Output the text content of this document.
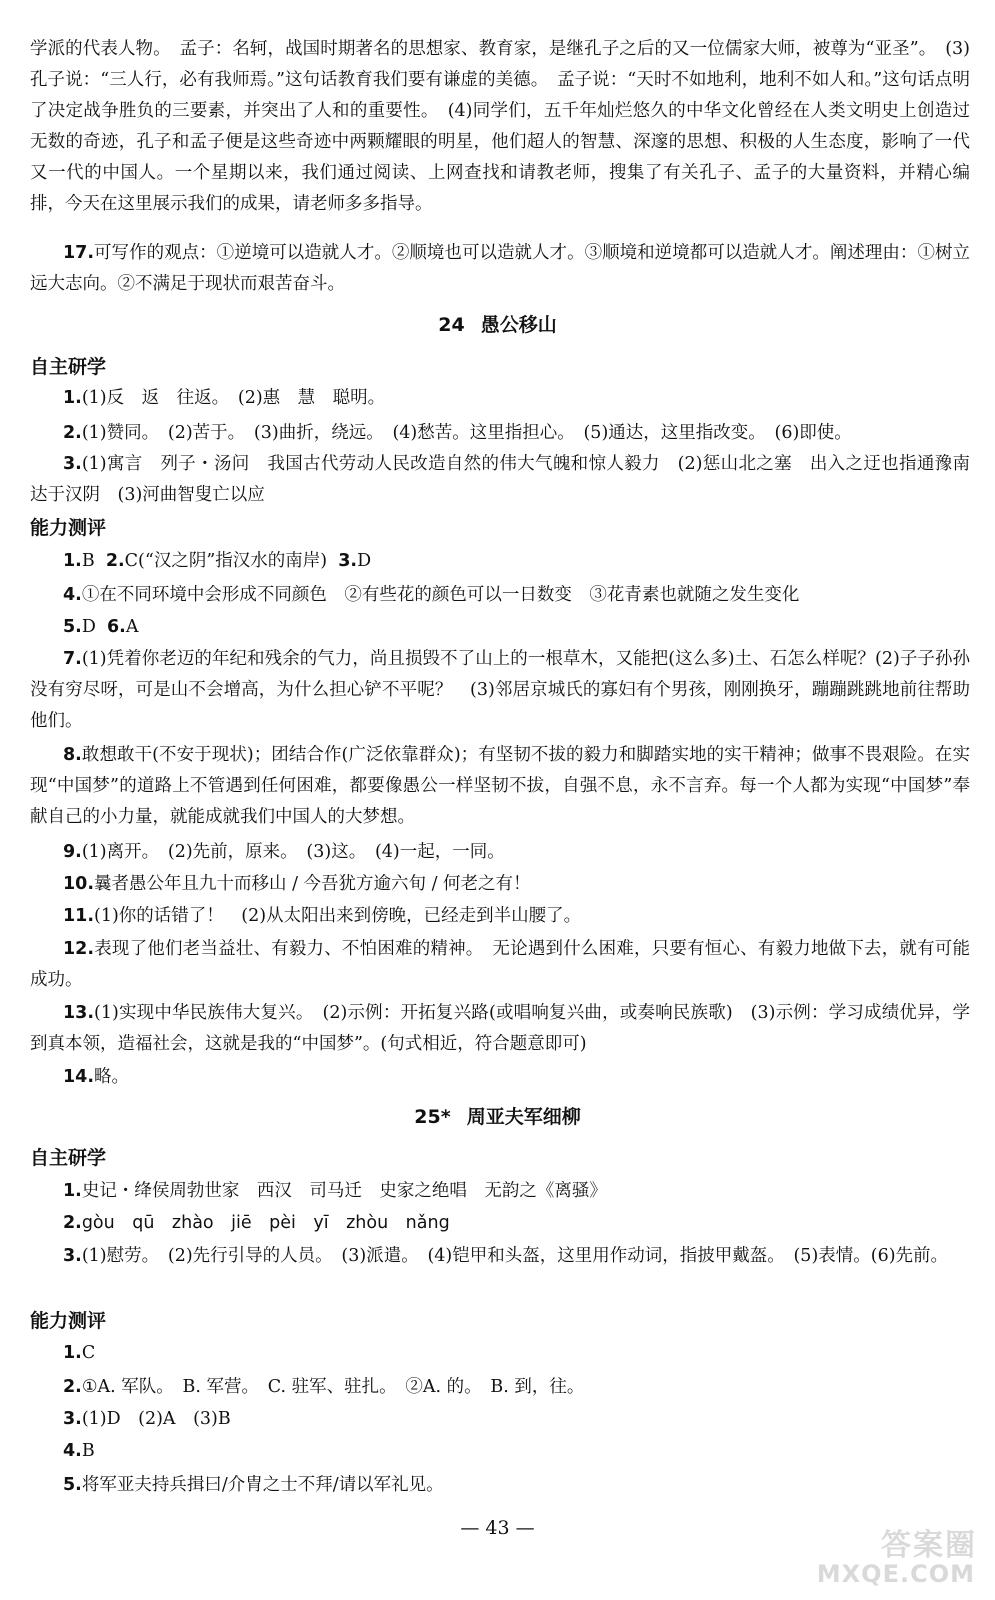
学派的代表人物。　孟子：名轲，战国时期著名的思想家、教育家，是继孔子之后的又一位儒家大师，被尊为“亚圣”。　(3)孔子说：“三人行，必有我师焉。”这句话教育我们要有谦虚的美德。　孟子说：“天时不如地利，地利不如人和。”这句话点明了决定战争胜负的三要素，并突出了人和的重要性。　(4)同学们，五千年灿烂悠久的中华文化曾经在人类文明史上创造过无数的奇迹，孔子和孟子便是这些奇迹中两颗耀眼的明星，他们超人的智慧、深邃的思想、积极的人生态度，影响了一代又一代的中国人。一个星期以来，我们通过阅读、上网查找和请教老师，搜集了有关孔子、孟子的大量资料，并精心编排，今天在这里展示我们的成果，请老师多多指导。

17.可写作的观点：①逆境可以造就人才。②顺境也可以造就人才。③顺境和逆境都可以造就人才。阐述理由：①树立远大志向。②不满足于现状而艰苦奋斗。

24 愚公移山
自主研学
1.(1)反　返　往返。　(2)惠　慧　聪明。
2.(1)赞同。　(2)苦于。　(3)曲折，绕远。　(4)愁苦。这里指担心。　(5)通达，这里指改变。　(6)即使。

3.(1)寓言　列子・汤问　我国古代劳动人民改造自然的伟大气魄和惊人毅力　(2)惩山北之塞　出入之迂也指通豫南　达于汉阴　(3)河曲智叟亡以应

能力测评
1.B 2.C(“汉之阴”指汉水的南岸) 3.D
4.①在不同环境中会形成不同颜色　②有些花的颜色可以一日数变　③花青素也就随之发生变化
5.D 6.A

7.(1)凭着你老迈的年纪和残余的气力，尚且损毁不了山上的一根草木，又能把(这么多)土、石怎么样呢？(2)子子孙孙没有穷尽呀，可是山不会增高，为什么担心铲不平呢？　(3)邻居京城氏的寡妇有个男孩，刚刚换牙，蹦蹦跳跳地前往帮助他们。

8.敢想敢干(不安于现状)；团结合作(广泛依靠群众)；有坚韧不拔的毅力和脚踏实地的实干精神；做事不畏艰险。在实现“中国梦”的道路上不管遇到任何困难，都要像愚公一样坚韧不拔，自强不息，永不言弃。每一个人都为实现“中国梦”奉献自己的小力量，就能成就我们中国人的大梦想。

9.(1)离开。　(2)先前，原来。　(3)这。　(4)一起，一同。
10.曩者愚公年且九十而移山 / 今吾犹方逾六旬 / 何老之有！
11.(1)你的话错了！　(2)从太阳出来到傍晚，已经走到半山腰了。

12.表现了他们老当益壮、有毅力、不怕困难的精神。　无论遇到什么困难，只要有恒心、有毅力地做下去，就有可能成功。

13.(1)实现中华民族伟大复兴。　(2)示例：开拓复兴路(或唱响复兴曲，或奏响民族歌)　(3)示例：学习成绩优异，学到真本领，造福社会，这就是我的“中国梦”。(句式相近，符合题意即可)

14.略。
25* 周亚夫军细柳
自主研学
1.史记・绛侯周勃世家　西汉　司马迁　史家之绝唱　无韵之《离骚》
2.gòu　qū　zhào　jiē　pèi　yī　zhòu　nǎng

3.(1)慰劳。　(2)先行引导的人员。　(3)派遣。　(4)铠甲和头盔，这里用作动词，指披甲戴盔。　(5)表情。(6)先前。

能力测评
1.C
2.①A. 军队。　B. 军营。　C. 驻军、驻扎。　②A. 的。　B. 到，往。
3.(1)D　(2)A　(3)B
4.B
5.将军亚夫持兵揖曰/介胄之士不拜/请以军礼见。
— 43 —	答案圈
MXQE.COM
